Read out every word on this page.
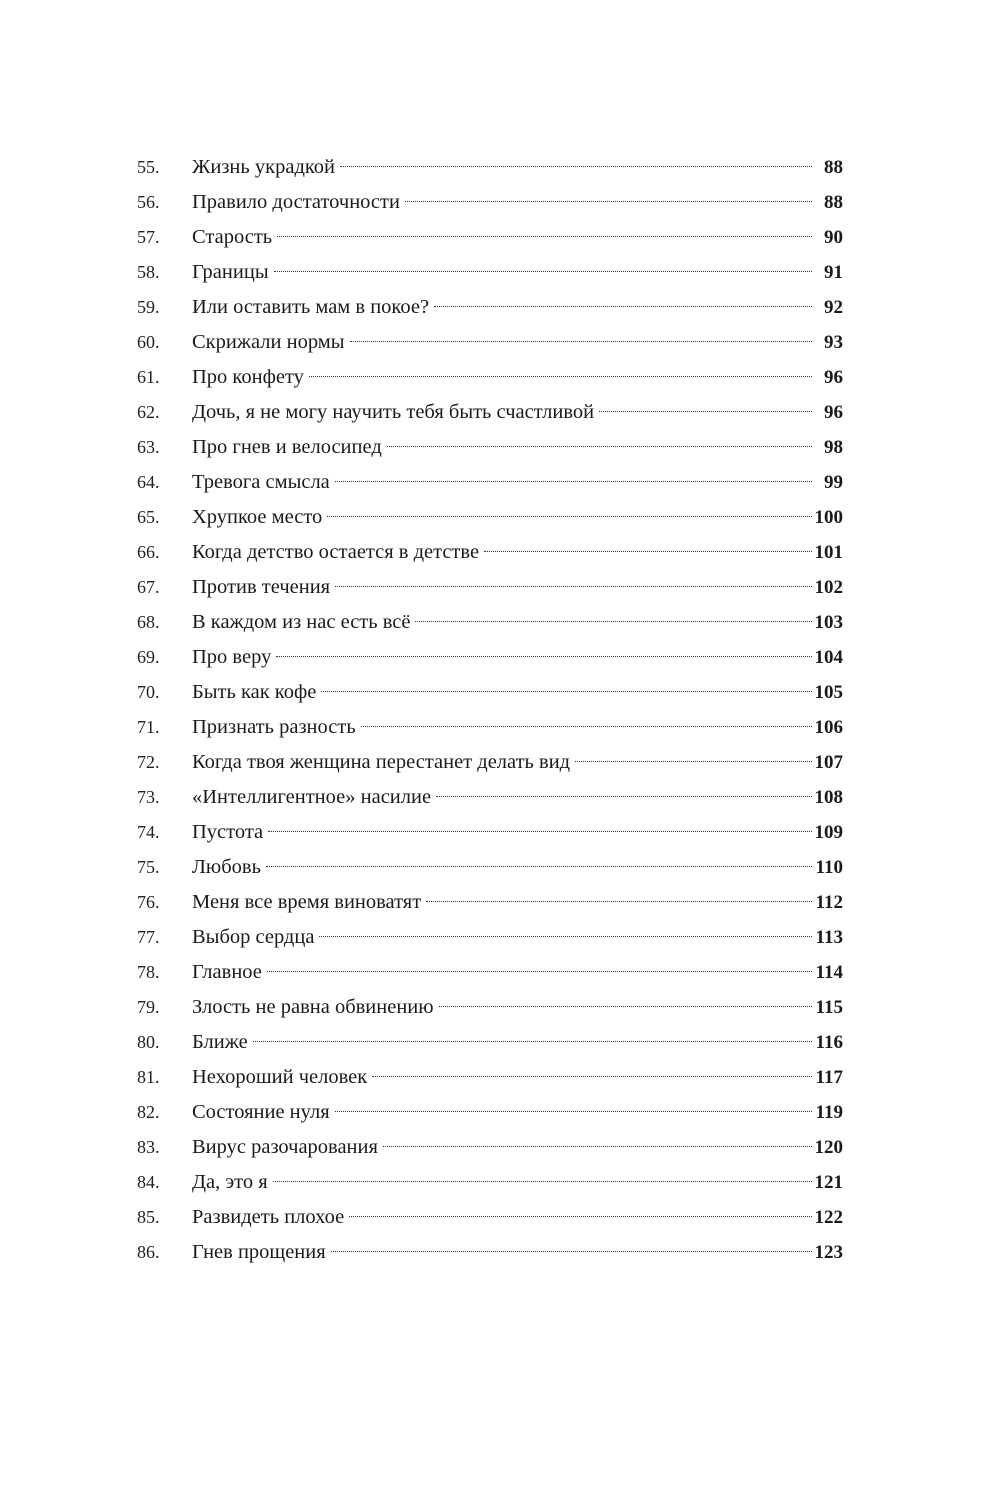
55.	Жизнь украдкой	88
56.	Правило достаточности	88
57.	Старость	90
58.	Границы	91
59.	Или оставить мам в покое?	92
60.	Скрижали нормы	93
61.	Про конфету	96
62.	Дочь, я не могу научить тебя быть счастливой	96
63.	Про гнев и велосипед	98
64.	Тревога смысла	99
65.	Хрупкое место	100
66.	Когда детство остается в детстве	101
67.	Против течения	102
68.	В каждом из нас есть всё	103
69.	Про веру	104
70.	Быть как кофе	105
71.	Признать разность	106
72.	Когда твоя женщина перестанет делать вид	107
73.	«Интеллигентное» насилие	108
74.	Пустота	109
75.	Любовь	110
76.	Меня все время виноватят	112
77.	Выбор сердца	113
78.	Главное	114
79.	Злость не равна обвинению	115
80.	Ближе	116
81.	Нехороший человек	117
82.	Состояние нуля	119
83.	Вирус разочарования	120
84.	Да, это я	121
85.	Развидеть плохое	122
86.	Гнев прощения	123
